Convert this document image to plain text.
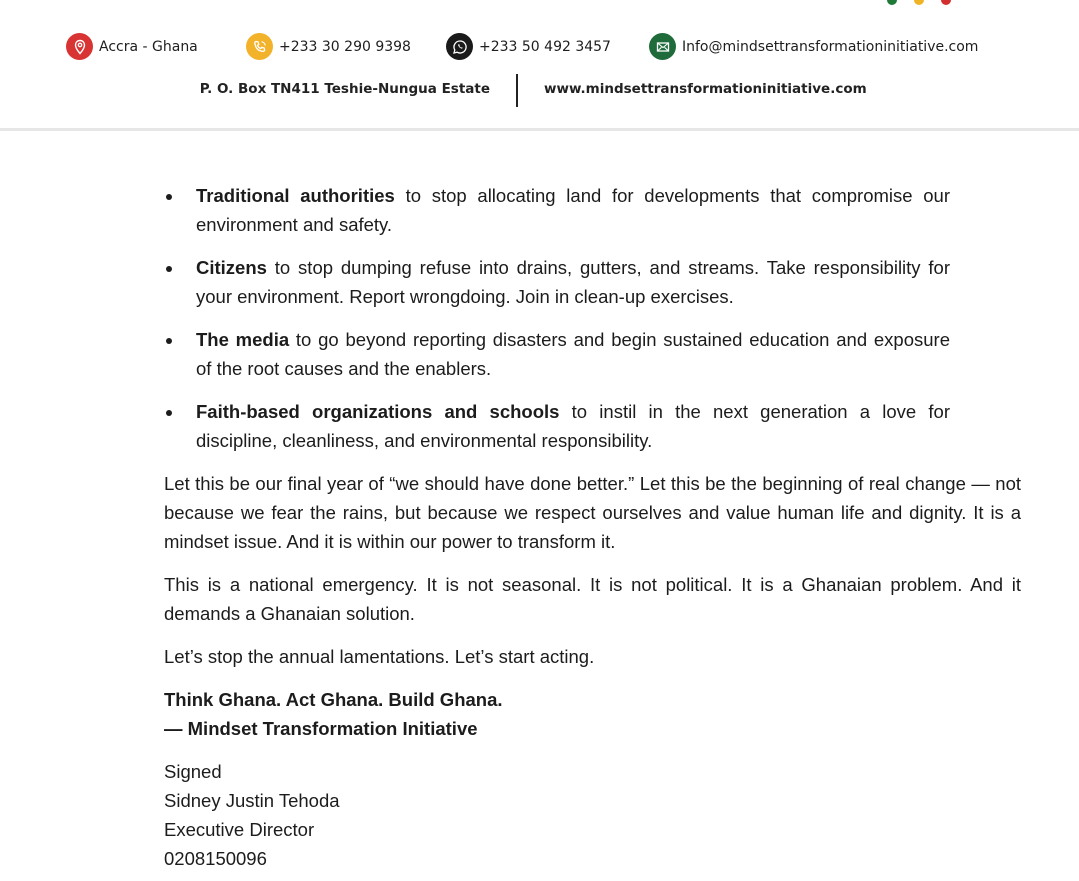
Accra - Ghana	+233 30 290 9398	+233 50 492 3457	Info@mindsettransformationinitiative.com
P. O. Box TN411 Teshie-Nungua Estate	www.mindsettransformationinitiative.com
Traditional authorities to stop allocating land for developments that compromise our environment and safety.
Citizens to stop dumping refuse into drains, gutters, and streams. Take responsibility for your environment. Report wrongdoing. Join in clean-up exercises.
The media to go beyond reporting disasters and begin sustained education and exposure of the root causes and the enablers.
Faith-based organizations and schools to instil in the next generation a love for discipline, cleanliness, and environmental responsibility.

Let this be our final year of “we should have done better.” Let this be the beginning of real change — not because we fear the rains, but because we respect ourselves and value human life and dignity. It is a mindset issue. And it is within our power to transform it.

This is a national emergency. It is not seasonal. It is not political. It is a Ghanaian problem. And it demands a Ghanaian solution.

Let’s stop the annual lamentations. Let’s start acting.

Think Ghana. Act Ghana. Build Ghana.
— Mindset Transformation Initiative
Signed
Sidney Justin Tehoda
Executive Director
0208150096
